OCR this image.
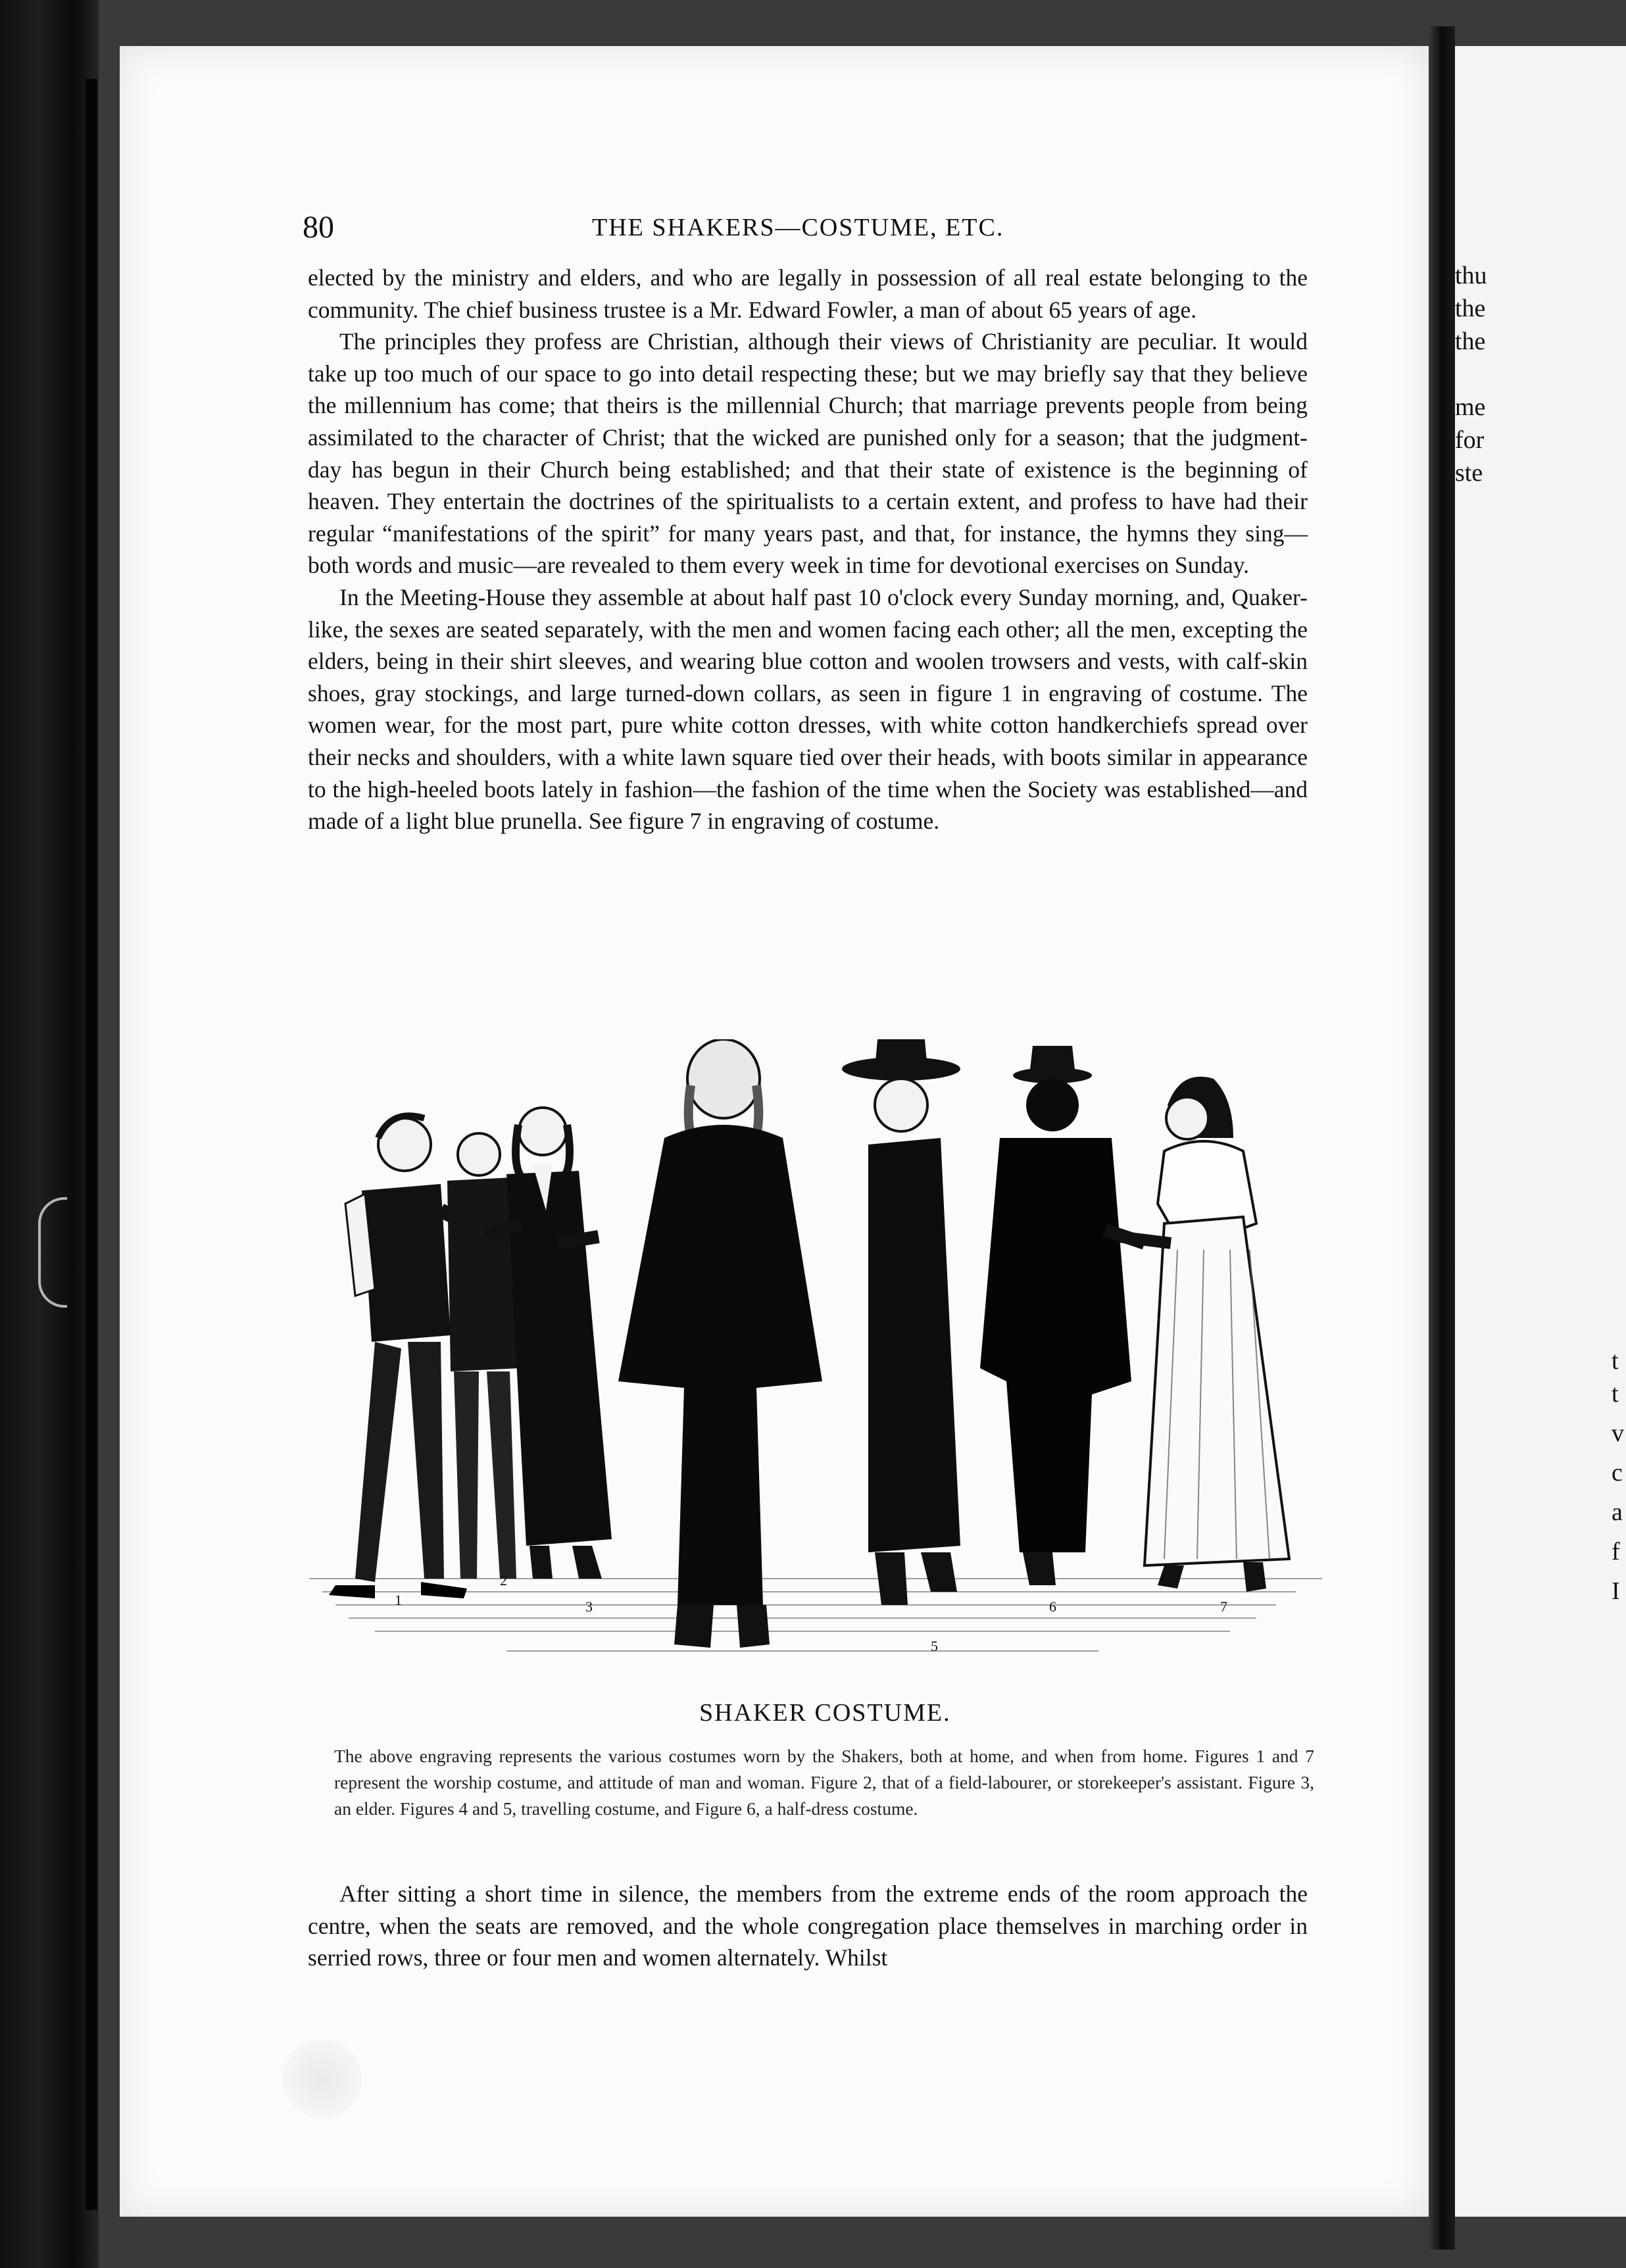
thu
the
the
me
for
ste
t
t
v
c
a
f
I
80	THE SHAKERS—COSTUME, ETC.

elected by the ministry and elders, and who are legally in possession of all real estate belonging to the community. The chief business trustee is a Mr. Edward Fowler, a man of about 65 years of age.

The principles they profess are Christian, although their views of Christianity are peculiar. It would take up too much of our space to go into detail respecting these; but we may briefly say that they believe the millennium has come; that theirs is the millennial Church; that marriage prevents people from being assimilated to the character of Christ; that the wicked are punished only for a season; that the judgment-day has begun in their Church being established; and that their state of existence is the beginning of heaven. They entertain the doctrines of the spiritualists to a certain extent, and profess to have had their regular “manifestations of the spirit” for many years past, and that, for instance, the hymns they sing—both words and music—are revealed to them every week in time for devotional exercises on Sunday.

In the Meeting-House they assemble at about half past 10 o'clock every Sunday morning, and, Quaker-like, the sexes are seated separately, with the men and women facing each other; all the men, excepting the elders, being in their shirt sleeves, and wearing blue cotton and woolen trowsers and vests, with calf-skin shoes, gray stockings, and large turned-down collars, as seen in figure 1 in engraving of costume. The women wear, for the most part, pure white cotton dresses, with white cotton handkerchiefs spread over their necks and shoulders, with a white lawn square tied over their heads, with boots similar in appearance to the high-heeled boots lately in fashion—the fashion of the time when the Society was established—and made of a light blue prunella. See figure 7 in engraving of costume.

1
2
3
4
5
6	7
SHAKER COSTUME.

The above engraving represents the various costumes worn by the Shakers, both at home, and when from home. Figures 1 and 7 represent the worship costume, and attitude of man and woman. Figure 2, that of a field-labourer, or storekeeper's assistant. Figure 3, an elder. Figures 4 and 5, travelling costume, and Figure 6, a half-dress costume.

After sitting a short time in silence, the members from the extreme ends of the room approach the centre, when the seats are removed, and the whole congregation place themselves in marching order in serried rows, three or four men and women alternately. Whilst
